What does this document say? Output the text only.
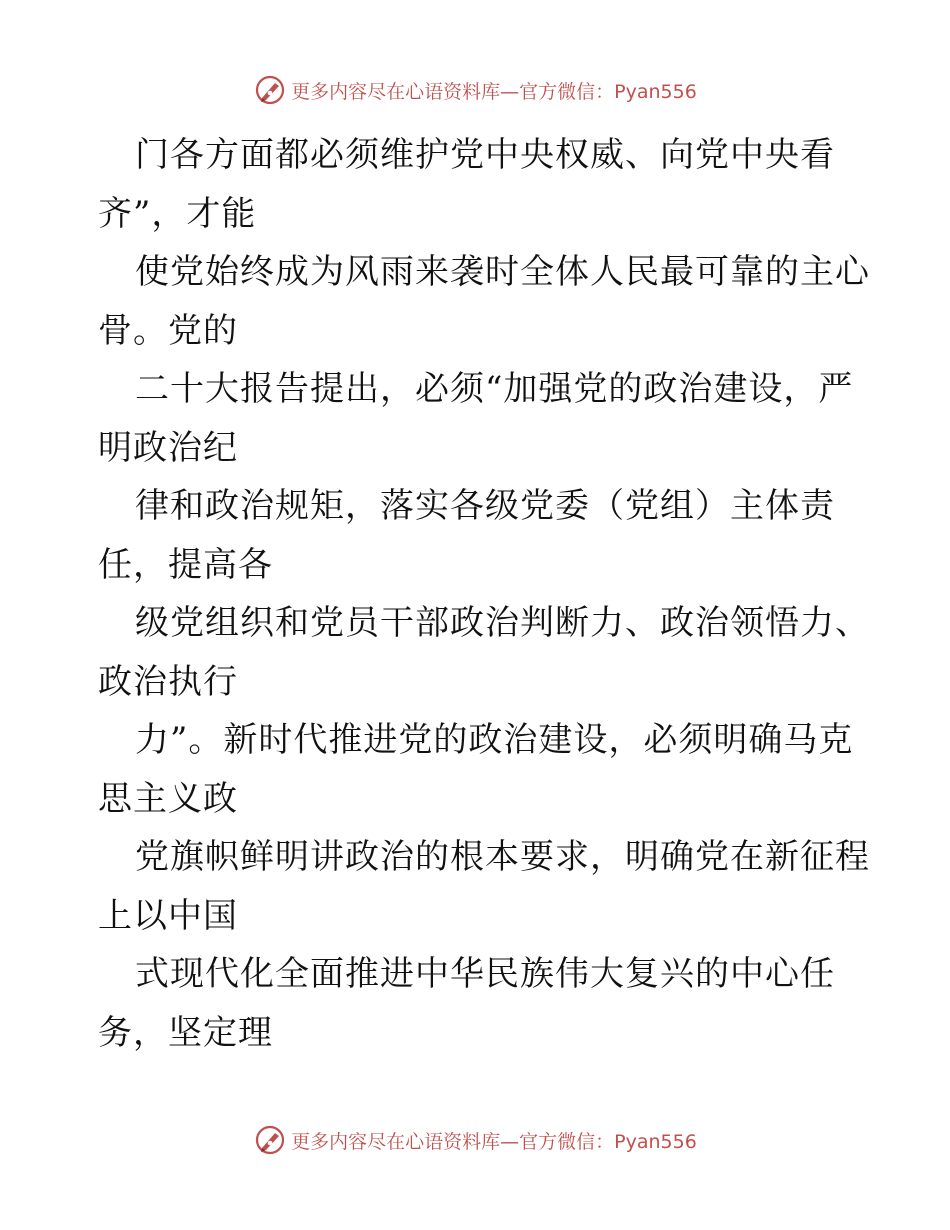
更多内容尽在心语资料库—官方微信：Pyan556
门各方面都必须维护党中央权威、向党中央看
齐”，才能
使党始终成为风雨来袭时全体人民最可靠的主心
骨。党的
二十大报告提出，必须“加强党的政治建设，严
明政治纪
律和政治规矩，落实各级党委（党组）主体责
任，提高各
级党组织和党员干部政治判断力、政治领悟力、
政治执行
力”。新时代推进党的政治建设，必须明确马克
思主义政
党旗帜鲜明讲政治的根本要求，明确党在新征程
上以中国
式现代化全面推进中华民族伟大复兴的中心任
务，坚定理
更多内容尽在心语资料库—官方微信：Pyan556
